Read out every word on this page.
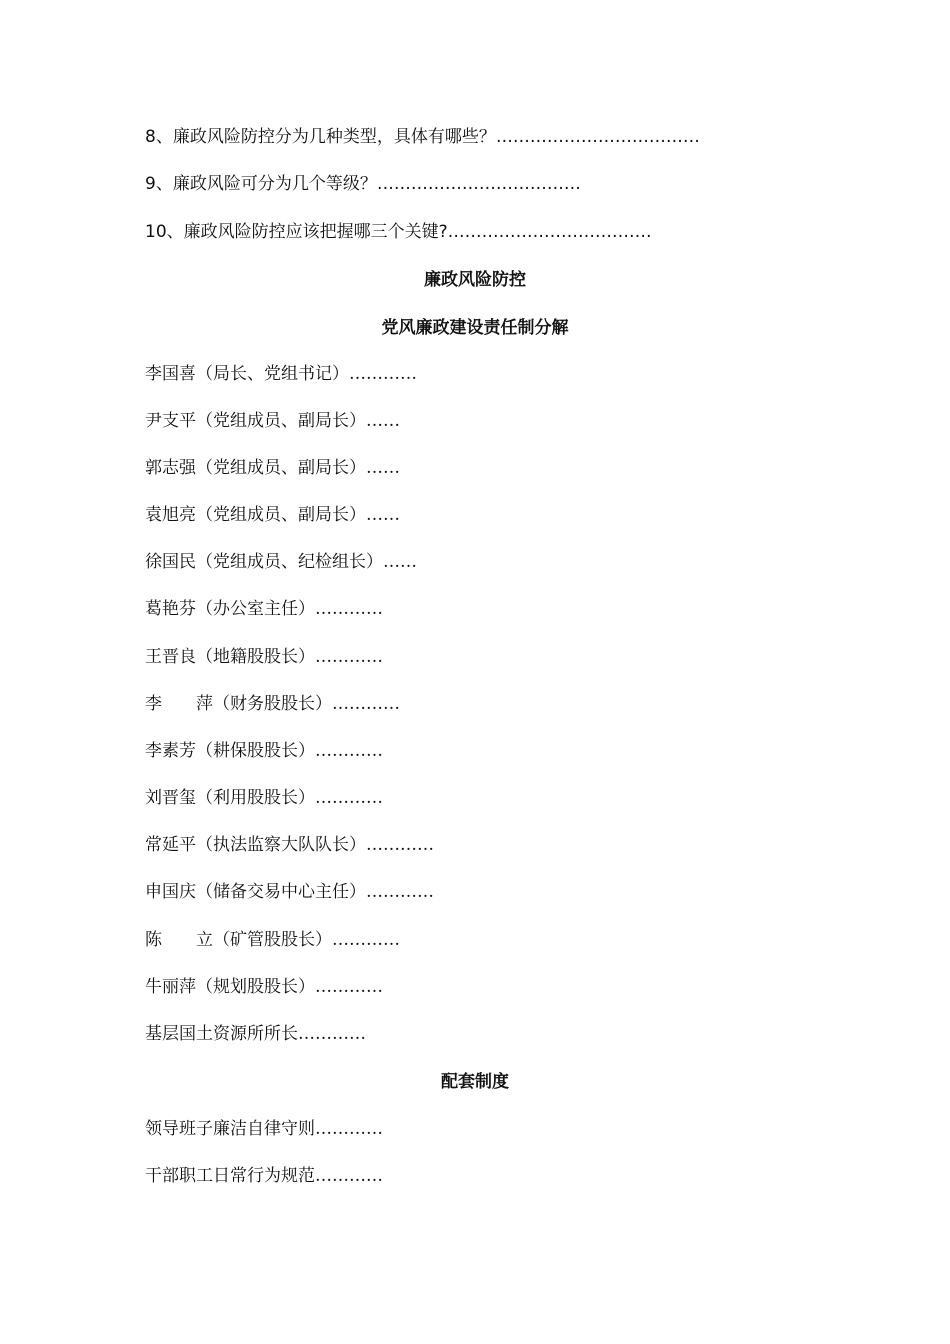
8、廉政风险防控分为几种类型，具体有哪些？………………………………
9、廉政风险可分为几个等级？………………………………
10、廉政风险防控应该把握哪三个关键?………………………………
廉政风险防控
党风廉政建设责任制分解
李国喜（局长、党组书记）…………
尹支平（党组成员、副局长）……
郭志强（党组成员、副局长）……
袁旭亮（党组成员、副局长）……
徐国民（党组成员、纪检组长）……
葛艳芬（办公室主任）…………
王晋良（地籍股股长）…………
李　　萍（财务股股长）…………
李素芳（耕保股股长）…………
刘晋玺（利用股股长）…………
常延平（执法监察大队队长）…………
申国庆（储备交易中心主任）…………
陈　　立（矿管股股长）…………
牛丽萍（规划股股长）…………
基层国土资源所所长…………
配套制度
领导班子廉洁自律守则…………
干部职工日常行为规范…………
